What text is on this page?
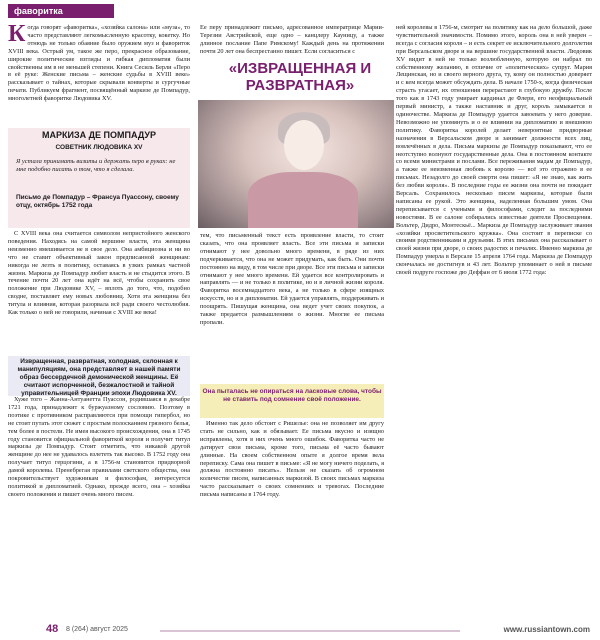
фаворитка

Когда говорят «фаворитка», «хозяйка салона» или «муза», то часто представляют легкомысленную красотку, кокетку. Но отнюдь не только обаяние было оружием муз и фавориток XVIII века. Острый ум, такое же перо, прекрасное образование, широкие политические взгляды и гибкая дипломатия были свойственны им в не меньшей степени. Книга Сесиль Берли «Перо в её руке: Женские письма – женские судьбы в XVIII веке» рассказывает о тайнах, которые скрывали конверты и сургучные печати. Публикуем фрагмент, посвящённый маркизе де Помпадур, многолетней фаворитке Людовика XV.

МАРКИЗА ДЕ ПОМПАДУР
СОВЕТНИК ЛЮДОВИКА XV
Я устала принимать визиты и держать перо в руках: не мне подобно писать о том, что я сделала.
Письмо де Помпадур – Франсуа Пуассону, своему отцу, октябрь 1752 года

С XVIII века она считается символом непристойного женского поведения. Находясь на самой вершине власти, эта женщина неизменно вмешивается не в свое дело. Она амбициозна и ни во что не ставит объективный закон предписанной женщинам: никогда не лезть в политику, оставаясь в узких рамках частной жизни. Маркиза де Помпадур любит власть и не стыдится этого. В течение почти 20 лет она идёт на всё, чтобы сохранить свое положение при Людовике XV, – вплоть до того, что, подобно сводне, поставляет ему новых любовниц. Хотя эта женщина без титула и влияния, которая разорвала всё ради своего честолюбия. Как только о ней не говорили, начиная с XVIII же века!

Извращенная, развратная, холодная, склонная к манипуляциям, она представляет в нашей памяти образ бессердечной демонической женщины. Её считают испорченной, безжалостной и тайной управительницей Франции эпохи Людовика XV.

Хуже того – Жанна-Антуанетта Пуассон, родившаяся в декабре 1721 года, принадлежит к буржуазному сословию. Поэтому в поэтике с противником расправляются при помощи гипербол, но не стоит путать этот сюжет с простым полосканием грязного белья, тем более в постели. Не имея высокого происхождения, она в 1745 году становится официальной фавориткой короля и получит титул маркизы де Помпадур. Стоит отметить, что никакой другой женщине до нее не удавалось взлететь так высоко. В 1752 году она получает титул герцогини, а в 1756-м становится придворной дамой королевы. Пренебрегая правилами светского общества, она покровительствует художникам и философам, интересуется политикой и дипломатией. Однако, прежде всего, она – хозяйка своего положения и пишет очень много писем.

Ее перу принадлежит письмо, адресованное императрице Марии-Терезии Австрийской, еще одно – канцлеру Кауницу, а также длинное послание Папе Римскому! Каждый день на протяжении почти 20 лет она беспрестанно пишет. Если согласиться с

«ИЗВРАЩЕННАЯ И РАЗВРАТНАЯ»

тем, что письменный текст есть проявление власти, то стоит сказать, что она проявляет власть. Все эти письма и записки отнимают у нее довольно много времени, в ряде из них подчеркивается, что она не может придумать, как быть. Они почти постоянно на виду, в том числе при дворе. Все эти письма и записки отнимают у нее много времени. Ей удается все контролировать и направлять — и не только в политике, но и в личной жизни короля. Фаворитка восемнадцатого века, а не только в сфере изящных искусств, но и в дипломатии. Ей удается управлять, поддерживать и поощрять. Пишущая женщина, она ведет учет своих покупок, а также предается размышлениям о жизни. Многие ее письма пропали.

Она пыталась не опираться на ласковые слова, чтобы не ставить под сомнение своё положение.

Именно так дело обстоит с Ришелье: она не позволяет им другу стать не сильно, как и обязывает. Ее письма вкусно и изящно исправлены, хотя в них очень много ошибок. Фаворитка часто не датирует свои письма, кроме того, письма её часто бывают длинные. На своем собственном опыте я долгое время вела переписку. Сама она пишет в письме: «Я не могу ничего поделать, я должна постоянно писать». Нельзя не сказать об огромном количестве писем, написанных маркизой. В своих письмах маркиза часто рассказывает о своих сомнениях и тревогах. Последние письма написаны в 1764 году.

ней королевы в 1756-м, смотрит на политику как на дело большой, даже чувствительной значимости. Помимо этого, король она в ней уверен – всегда с согласия короля – и есть секрет ее исключительного долголетия при Версальском дворе и на вершине государственной власти. Людовик XV видит в ней не только возлюбленную, которую он набрал по собственному желанию, в отличие от «политических» супруг. Мария Лещинская, но и своего верного друга, ту, кому он полностью доверяет и с кем всегда может обсуждать дела. В начале 1750-х, когда физическая страсть угасает, их отношения перерастают в глубокую дружбу. После того как в 1743 году умирает кардинал де Флери, его неофициальный первый министр, а также наставник и друг, король замыкается в одиночестве. Маркиза де Помпадур удается завоевать у него доверие. Невозможно не упомянуть и о ее влиянии на дипломатию и внешнюю политику. Фаворитка королей делает невероятные придворные назначения в Версальском дворе и занимает должности всех лиц, вовлечённых в дела. Письма маркизы де Помпадур показывают, что ее неотступно волнуют государственные дела. Она в постоянном контакте со всеми министрами и послами. Все переживания мадам де Помпадур, а также ее неизменная любовь к королю — всё это отражено в ее письмах. Незадолго до своей смерти она пишет: «Я не знаю, как жить без любви короля». В последние годы ее жизни она почти не покидает Версаль. Сохранилось несколько писем маркизы, которые были написаны ее рукой. Это женщина, наделенная большим умом. Она переписывается с учеными и философами, следит за последними новостями. В ее салоне собирались известные деятели Просвещения. Вольтер, Дидро, Монтескьё... Маркиза де Помпадур заслуживает звания «хозяйки просветительского кружка». Она состоит в переписке со своими родственниками и друзьями. В этих письмах она рассказывает о своей жизни при дворе, о своих радостях и печалях. Именно маркиза де Помпадур умерла в Версале 15 апреля 1764 года. Маркиза де Помпадур скончалась не достигнув и 43 лет. Вольтер упоминает о ней в письме своей подруге госпоже дю Деффан от 6 июля 1772 года:

48 8 (264) август 2025	www.russiantown.com
